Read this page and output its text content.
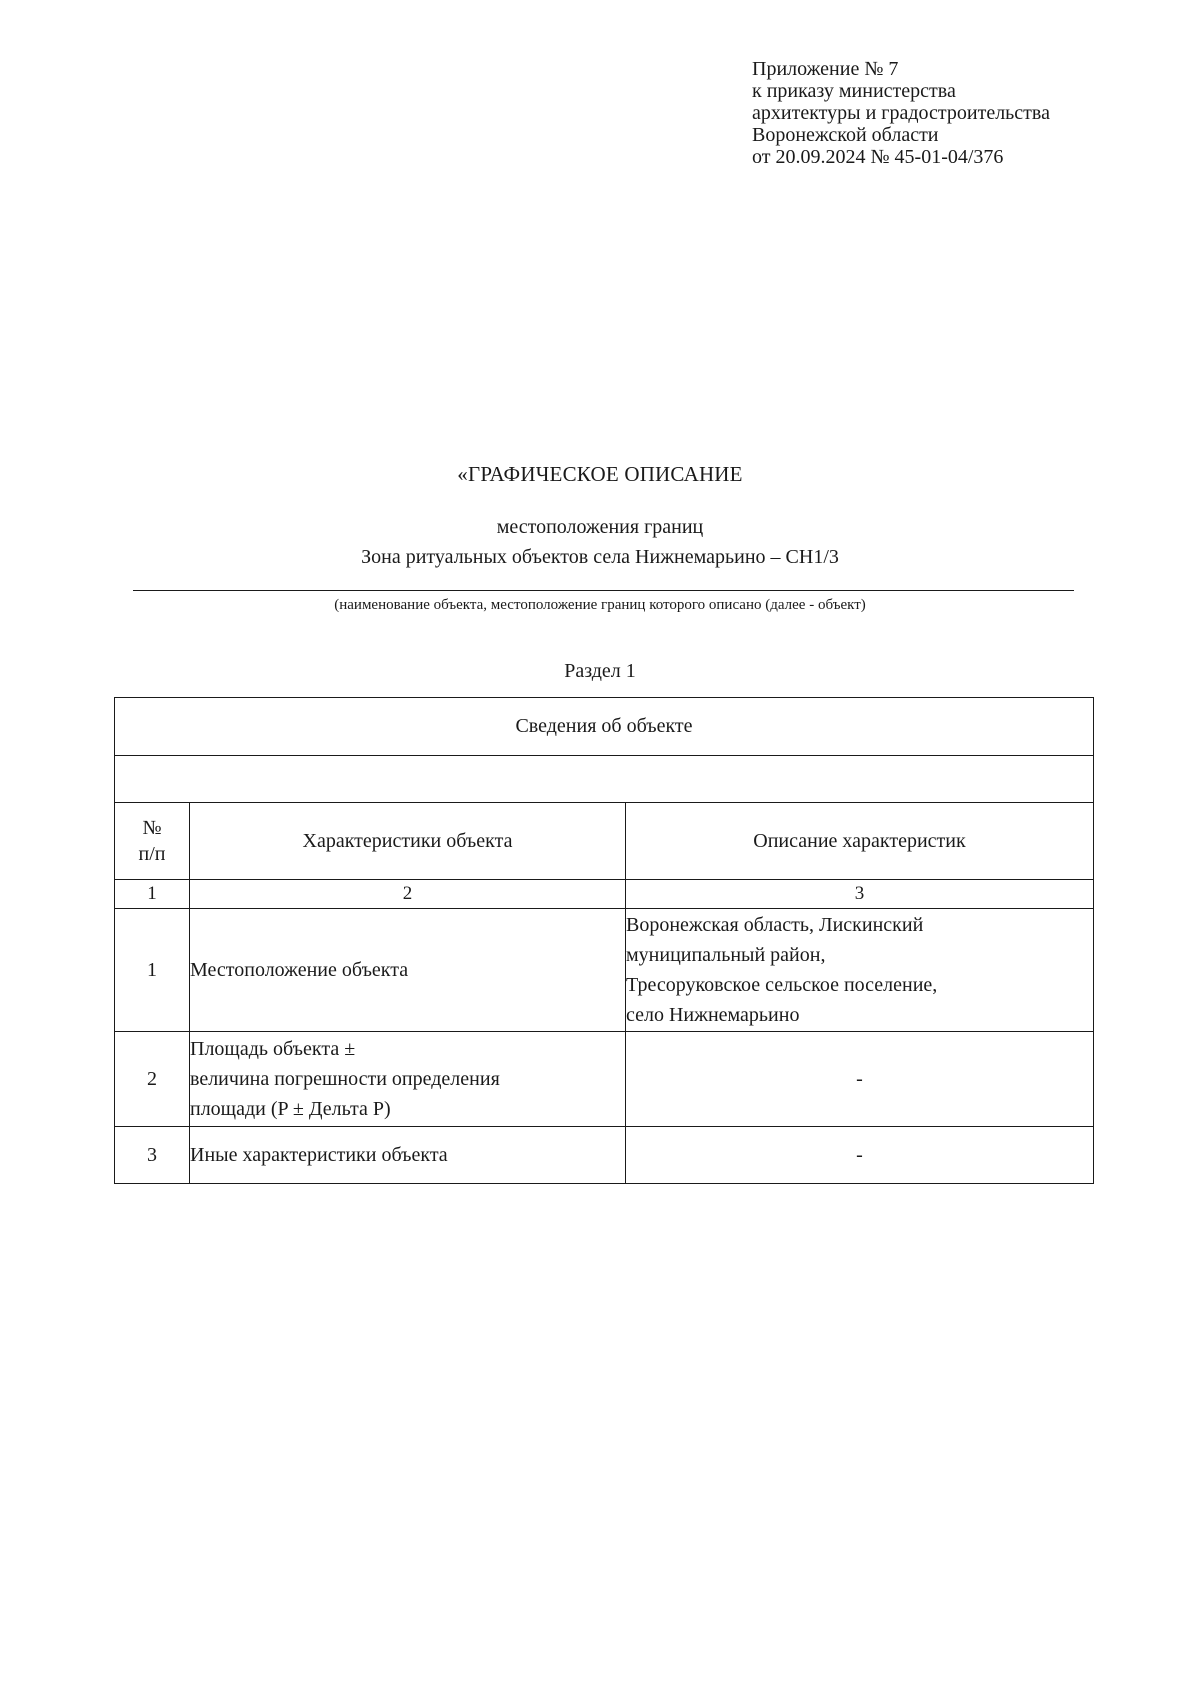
Приложение № 7
к приказу министерства
архитектуры и градостроительства
Воронежской области
от 20.09.2024 № 45-01-04/376
«ГРАФИЧЕСКОЕ ОПИСАНИЕ
местоположения границ
Зона ритуальных объектов села Нижнемарьино – СН1/3
(наименование объекта, местоположение границ которого описано (далее - объект)
Раздел 1
Сведения об объекте		

№
п/п	Характеристики объекта	Описание характеристик
1	2	3
1	Местоположение объекта	Воронежская область, Лискинский
муниципальный район,
Тресоруковское сельское поселение,
село Нижнемарьино

2	Площадь объекта ±
величина погрешности определения
площади (P ± Дельта P)	-
3	Иные характеристики объекта	-
